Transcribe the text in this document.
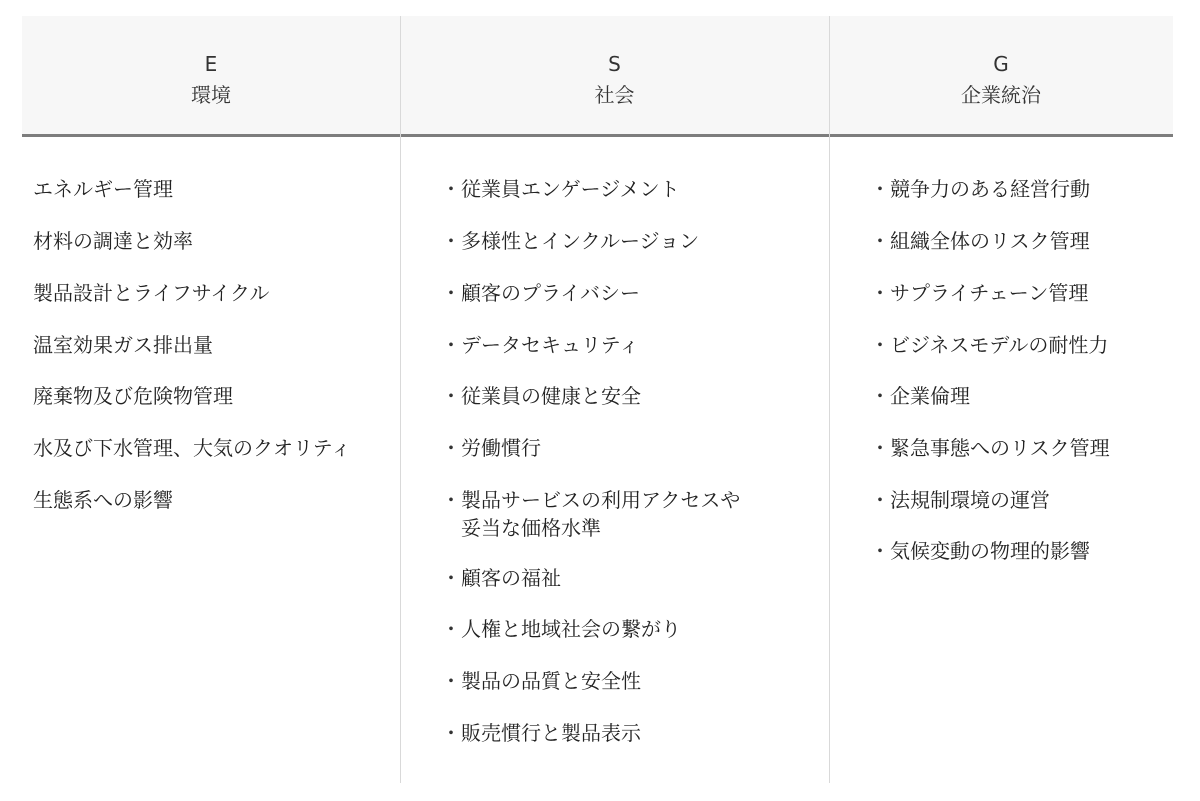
E
環境
S
社会
G
企業統治
エネルギー管理
材料の調達と効率
製品設計とライフサイクル
温室効果ガス排出量
廃棄物及び危険物管理
水及び下水管理、大気のクオリティ
生態系への影響
・ 従業員エンゲージメント
・ 多様性とインクルージョン
・ 顧客のプライバシー
・ データセキュリティ
・ 従業員の健康と安全
・ 労働慣行
・ 製品サービスの利用アクセスや
妥当な価格水準
・ 顧客の福祉
・ 人権と地域社会の繋がり
・ 製品の品質と安全性
・ 販売慣行と製品表示
・ 競争力のある経営行動
・ 組織全体のリスク管理
・ サプライチェーン管理
・ ビジネスモデルの耐性力
・ 企業倫理
・ 緊急事態へのリスク管理
・ 法規制環境の運営
・ 気候変動の物理的影響
